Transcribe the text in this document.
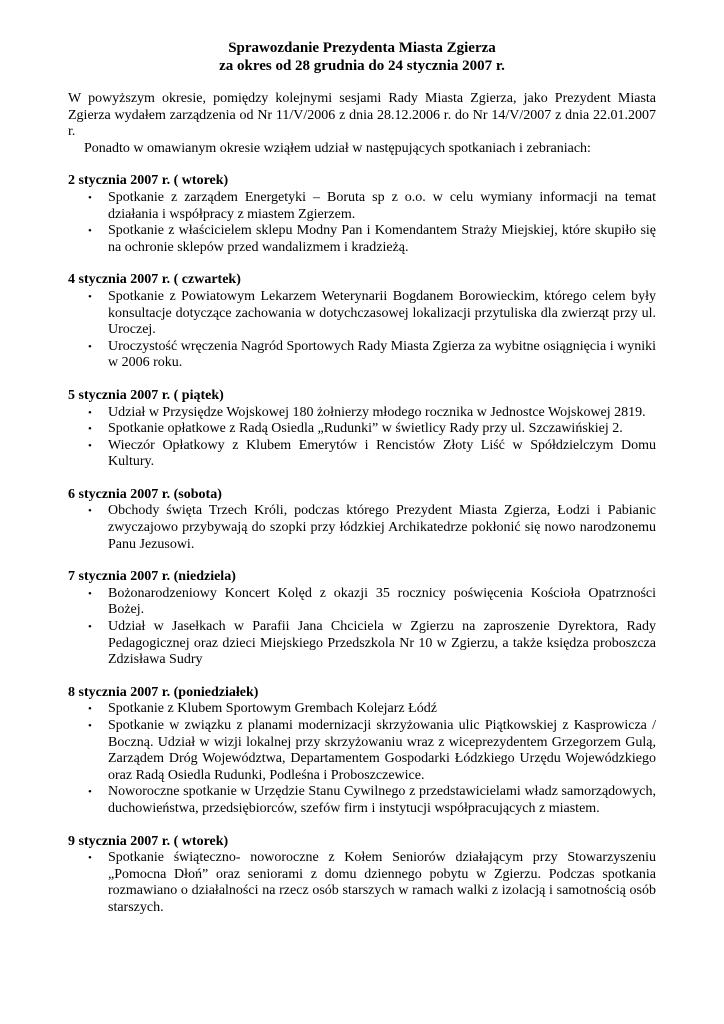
Sprawozdanie Prezydenta Miasta Zgierza
za okres od 28 grudnia do 24 stycznia 2007 r.
W powyższym okresie, pomiędzy kolejnymi sesjami Rady Miasta Zgierza, jako Prezydent Miasta Zgierza wydałem zarządzenia od Nr 11/V/2006 z dnia 28.12.2006 r. do Nr 14/V/2007 z dnia 22.01.2007 r.
Ponadto w omawianym okresie wziąłem udział w następujących spotkaniach i zebraniach:
2 stycznia 2007 r. ( wtorek)
• Spotkanie z zarządem Energetyki – Boruta sp z o.o. w celu wymiany informacji na temat działania i współpracy z miastem Zgierzem.
• Spotkanie z właścicielem sklepu Modny Pan i Komendantem Straży Miejskiej, które skupiło się na ochronie sklepów przed wandalizmem i kradzieżą.
4 stycznia 2007 r. ( czwartek)
• Spotkanie z Powiatowym Lekarzem Weterynarii Bogdanem Borowieckim, którego celem były konsultacje dotyczące zachowania w dotychczasowej lokalizacji przytuliska dla zwierząt przy ul. Uroczej.
• Uroczystość wręczenia Nagród Sportowych Rady Miasta Zgierza za wybitne osiągnięcia i wyniki w 2006 roku.
5 stycznia 2007 r. ( piątek)
• Udział w Przysiędze Wojskowej 180 żołnierzy młodego rocznika w Jednostce Wojskowej 2819.
• Spotkanie opłatkowe z Radą Osiedla „Rudunki” w świetlicy Rady przy ul. Szczawińskiej 2.
• Wieczór Opłatkowy z Klubem Emerytów i Rencistów Złoty Liść w Spółdzielczym Domu Kultury.
6 stycznia 2007 r. (sobota)
• Obchody święta Trzech Króli, podczas którego Prezydent Miasta Zgierza, Łodzi i Pabianic zwyczajowo przybywają do szopki przy łódzkiej Archikatedrze pokłonić się nowo narodzonemu Panu Jezusowi.
7 stycznia 2007 r. (niedziela)
• Bożonarodzeniowy Koncert Kolęd z okazji 35 rocznicy poświęcenia Kościoła Opatrzności Bożej.
• Udział w Jasełkach w Parafii Jana Chciciela w Zgierzu na zaproszenie Dyrektora, Rady Pedagogicznej oraz dzieci Miejskiego Przedszkola Nr 10 w Zgierzu, a także księdza proboszcza Zdzisława Sudry
8 stycznia 2007 r. (poniedziałek)
• Spotkanie z Klubem Sportowym Grembach Kolejarz Łódź
• Spotkanie w związku z planami modernizacji skrzyżowania ulic Piątkowskiej z Kasprowicza / Boczną. Udział w wizji lokalnej przy skrzyżowaniu wraz z wiceprezydentem Grzegorzem Gulą, Zarządem Dróg Województwa, Departamentem Gospodarki Łódzkiego Urzędu Wojewódzkiego oraz Radą Osiedla Rudunki, Podleśna i Proboszczewice.
• Noworoczne spotkanie w Urzędzie Stanu Cywilnego z przedstawicielami władz samorządowych, duchowieństwa, przedsiębiorców, szefów firm i instytucji współpracujących z miastem.
9 stycznia 2007 r. ( wtorek)
• Spotkanie świąteczno- noworoczne z Kołem Seniorów działającym przy Stowarzyszeniu „Pomocna Dłoń” oraz seniorami z domu dziennego pobytu w Zgierzu. Podczas spotkania rozmawiano o działalności na rzecz osób starszych w ramach walki z izolacją i samotnością osób starszych.
